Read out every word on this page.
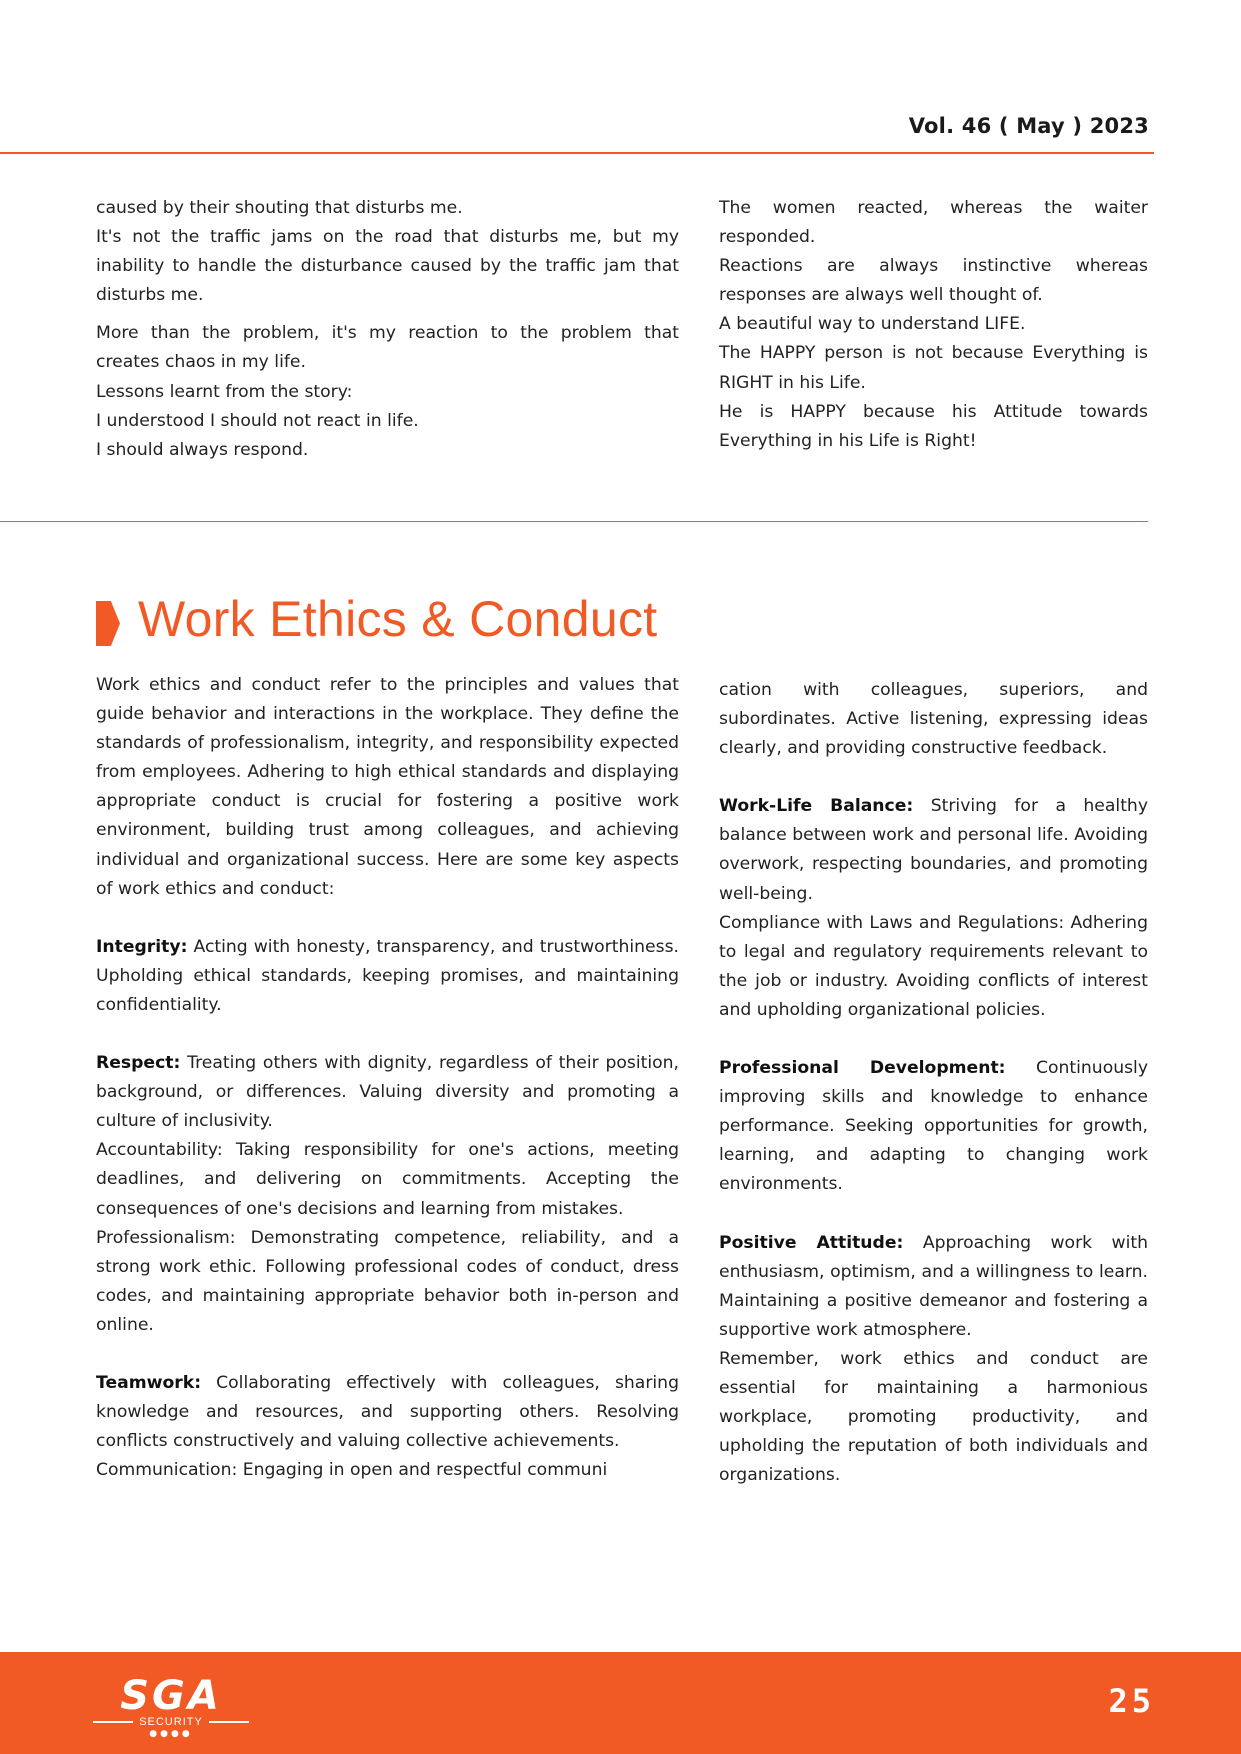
Vol. 46 ( May ) 2023

caused by their shouting that disturbs me.

It's not the traffic jams on the road that disturbs me, but my inability to handle the disturbance caused by the traffic jam that disturbs me.

More than the problem, it's my reaction to the problem that creates chaos in my life.

Lessons learnt from the story:

I understood I should not react in life.

I should always respond.

The women reacted, whereas the waiter responded.

Reactions are always instinctive whereas responses are always well thought of.

A beautiful way to understand LIFE.

The HAPPY person is not because Everything is RIGHT in his Life.

He is HAPPY because his Attitude towards Everything in his Life is Right!

Work Ethics & Conduct

Work ethics and conduct refer to the principles and values that guide behavior and interactions in the workplace. They define the standards of professionalism, integrity, and responsibility expected from employees. Adhering to high ethical standards and displaying appropriate conduct is crucial for fostering a positive work environment, building trust among colleagues, and achieving individual and organizational success. Here are some key aspects of work ethics and conduct:

Integrity: Acting with honesty, transparency, and trustworthiness. Upholding ethical standards, keeping promises, and maintaining confidentiality.

Respect: Treating others with dignity, regardless of their position, background, or differences. Valuing diversity and promoting a culture of inclusivity.

Accountability: Taking responsibility for one's actions, meeting deadlines, and delivering on commitments. Accepting the consequences of one's decisions and learning from mistakes.

Professionalism: Demonstrating competence, reliability, and a strong work ethic. Following professional codes of conduct, dress codes, and maintaining appropriate behavior both in-person and online.

Teamwork: Collaborating effectively with colleagues, sharing knowledge and resources, and supporting others. Resolving conflicts constructively and valuing collective achievements.

Communication: Engaging in open and respectful communi

cation with colleagues, superiors, and subordinates. Active listening, expressing ideas clearly, and providing constructive feedback.

Work-Life Balance: Striving for a healthy balance between work and personal life. Avoiding overwork, respecting boundaries, and promoting well-being.

Compliance with Laws and Regulations: Adhering to legal and regulatory requirements relevant to the job or industry. Avoiding conflicts of interest and upholding organizational policies.

Professional Development: Continuously improving skills and knowledge to enhance performance. Seeking opportunities for growth, learning, and adapting to changing work environments.

Positive Attitude: Approaching work with enthusiasm, optimism, and a willingness to learn. Maintaining a positive demeanor and fostering a supportive work atmosphere.

Remember, work ethics and conduct are essential for maintaining a harmonious workplace, promoting productivity, and upholding the reputation of both individuals and organizations.

SGA
SECURITY
●●●●
25
